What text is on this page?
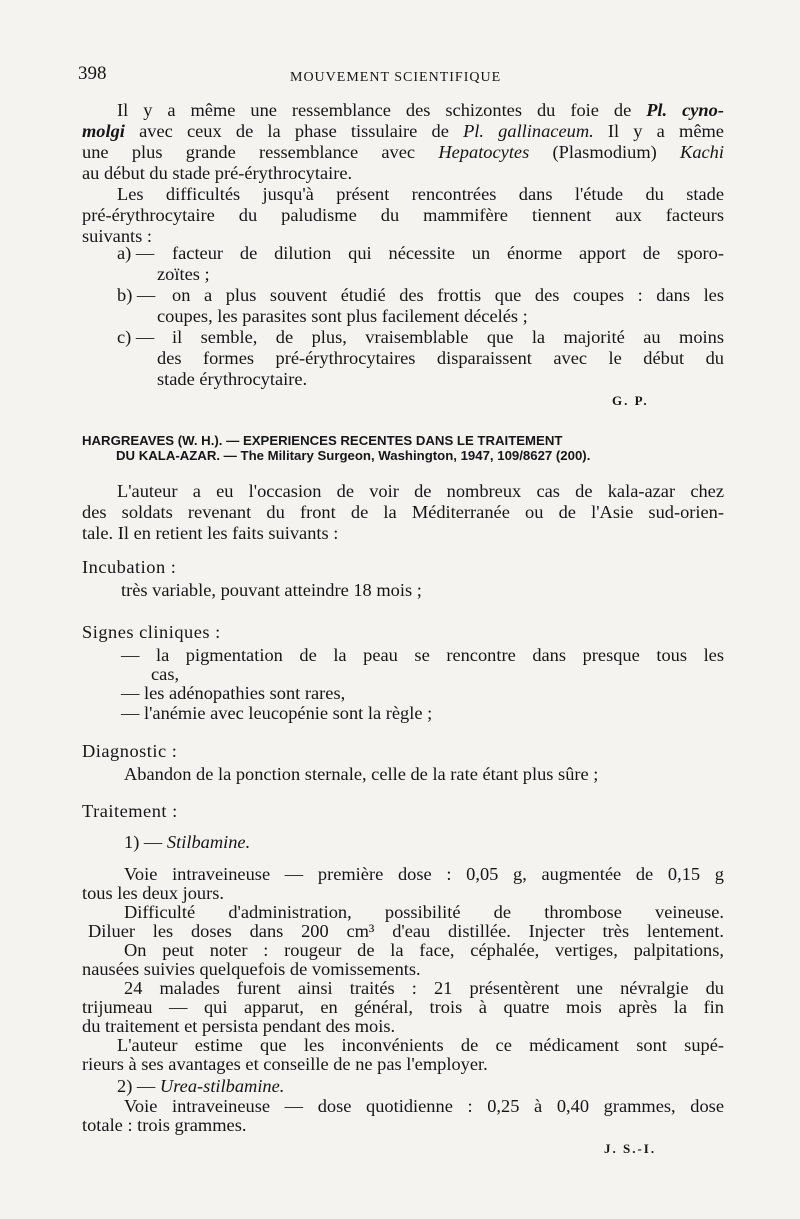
398	MOUVEMENT SCIENTIFIQUE
Il y a même une ressemblance des schizontes du foie de Pl. cyno-
molgi avec ceux de la phase tissulaire de Pl. gallinaceum. Il y a même
une plus grande ressemblance avec Hepatocytes (Plasmodium) Kachi
au début du stade pré-érythrocytaire.
Les difficultés jusqu'à présent rencontrées dans l'étude du stade
pré-érythrocytaire du paludisme du mammifère tiennent aux facteurs
suivants :
a) — facteur de dilution qui nécessite un énorme apport de sporo-
zoïtes ;
b) — on a plus souvent étudié des frottis que des coupes : dans les
coupes, les parasites sont plus facilement décelés ;
c) — il semble, de plus, vraisemblable que la majorité au moins
des formes pré-érythrocytaires disparaissent avec le début du
stade érythrocytaire.
G. P.
HARGREAVES (W. H.). — EXPERIENCES RECENTES DANS LE TRAITEMENT
DU KALA-AZAR. — The Military Surgeon, Washington, 1947, 109/8627 (200).
L'auteur a eu l'occasion de voir de nombreux cas de kala-azar chez
des soldats revenant du front de la Méditerranée ou de l'Asie sud-orien-
tale. Il en retient les faits suivants :
Incubation :
très variable, pouvant atteindre 18 mois ;
Signes cliniques :
— la pigmentation de la peau se rencontre dans presque tous les
cas,
— les adénopathies sont rares,
— l'anémie avec leucopénie sont la règle ;
Diagnostic :
Abandon de la ponction sternale, celle de la rate étant plus sûre ;
Traitement :
1) — Stilbamine.
Voie intraveineuse — première dose : 0,05 g, augmentée de 0,15 g
tous les deux jours.
Difficulté d'administration, possibilité de thrombose veineuse.
Diluer les doses dans 200 cm³ d'eau distillée. Injecter très lentement.
On peut noter : rougeur de la face, céphalée, vertiges, palpitations,
nausées suivies quelquefois de vomissements.
24 malades furent ainsi traités : 21 présentèrent une névralgie du
trijumeau — qui apparut, en général, trois à quatre mois après la fin
du traitement et persista pendant des mois.
L'auteur estime que les inconvénients de ce médicament sont supé-
rieurs à ses avantages et conseille de ne pas l'employer.
2) — Urea-stilbamine.
Voie intraveineuse — dose quotidienne : 0,25 à 0,40 grammes, dose
totale : trois grammes.
J. S.-I.
